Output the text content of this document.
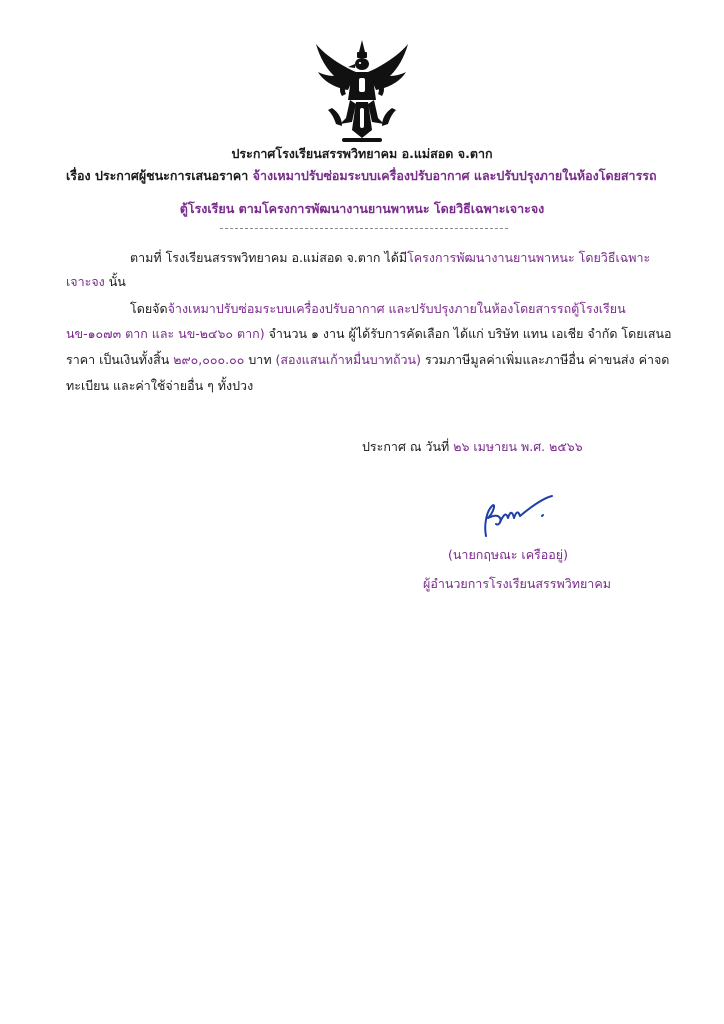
ประกาศโรงเรียนสรรพวิทยาคม อ.แม่สอด จ.ตาก
เรื่อง ประกาศผู้ชนะการเสนอราคา จ้างเหมาปรับซ่อมระบบเครื่องปรับอากาศ และปรับปรุงภายในห้องโดยสารรถ
ตู้โรงเรียน ตามโครงการพัฒนางานยานพาหนะ โดยวิธีเฉพาะเจาะจง
ตามที่ โรงเรียนสรรพวิทยาคม อ.แม่สอด จ.ตาก ได้มีโครงการพัฒนางานยานพาหนะ โดยวิธีเฉพาะ
เจาะจง นั้น
โดยจัดจ้างเหมาปรับซ่อมระบบเครื่องปรับอากาศ และปรับปรุงภายในห้องโดยสารรถตู้โรงเรียน
นข-๑๐๗๓ ตาก และ นข-๒๔๖๐ ตาก) จำนวน ๑ งาน ผู้ได้รับการคัดเลือก ได้แก่ บริษัท แทน เอเชีย จำกัด โดยเสนอ
ราคา เป็นเงินทั้งสิ้น ๒๙๐,๐๐๐.๐๐ บาท (สองแสนเก้าหมื่นบาทถ้วน) รวมภาษีมูลค่าเพิ่มและภาษีอื่น ค่าขนส่ง ค่าจด
ทะเบียน และค่าใช้จ่ายอื่น ๆ ทั้งปวง
ประกาศ ณ วันที่ ๒๖ เมษายน พ.ศ. ๒๕๖๖
(นายกฤษณะ เครืออยู่)
ผู้อำนวยการโรงเรียนสรรพวิทยาคม
